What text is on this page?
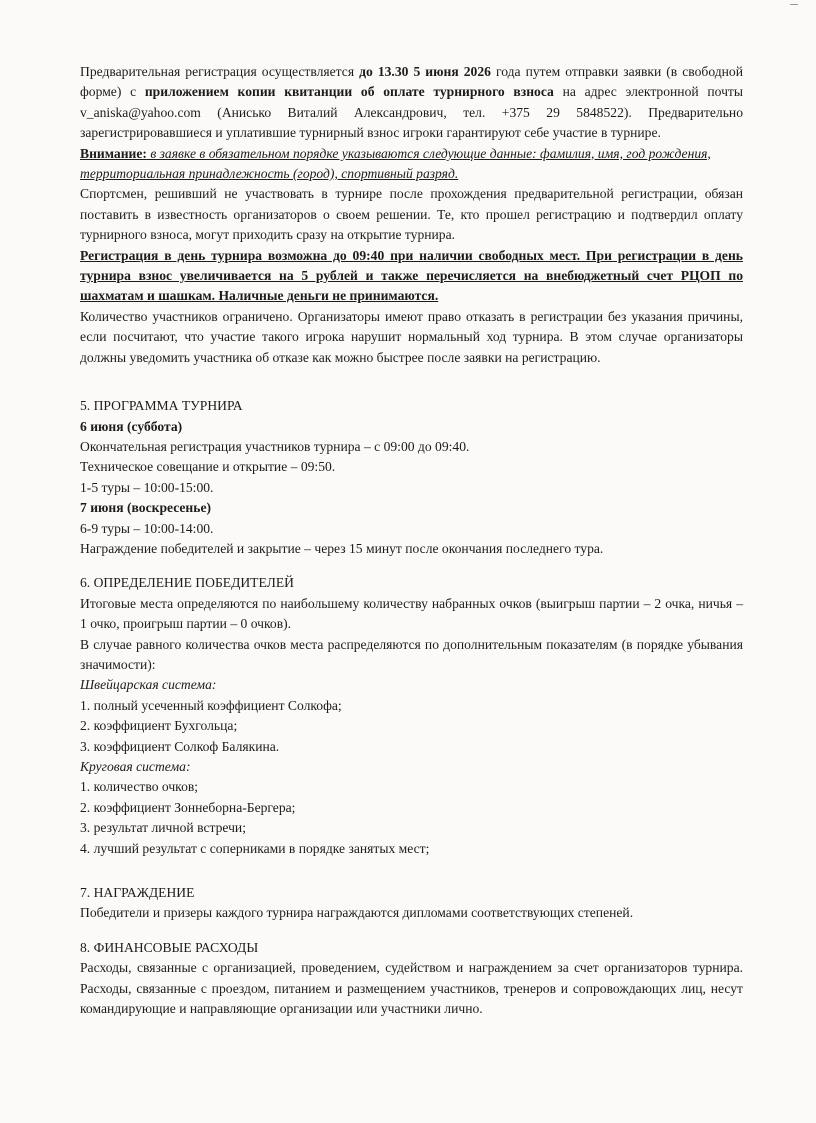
Предварительная регистрация осуществляется до 13.30 5 июня 2026 года путем отправки заявки (в свободной форме) с приложением копии квитанции об оплате турнирного взноса на адрес электронной почты v_aniska@yahoo.com (Анисько Виталий Александрович, тел. +375 29 5848522). Предварительно зарегистрировавшиеся и уплатившие турнирный взнос игроки гарантируют себе участие в турнире.

Внимание: в заявке в обязательном порядке указываются следующие данные: фамилия, имя, год рождения, территориальная принадлежность (город), спортивный разряд.

Спортсмен, решивший не участвовать в турнире после прохождения предварительной регистрации, обязан поставить в известность организаторов о своем решении. Те, кто прошел регистрацию и подтвердил оплату турнирного взноса, могут приходить сразу на открытие турнира.

Регистрация в день турнира возможна до 09:40 при наличии свободных мест. При регистрации в день турнира взнос увеличивается на 5 рублей и также перечисляется на внебюджетный счет РЦОП по шахматам и шашкам. Наличные деньги не принимаются.

Количество участников ограничено. Организаторы имеют право отказать в регистрации без указания причины, если посчитают, что участие такого игрока нарушит нормальный ход турнира. В этом случае организаторы должны уведомить участника об отказе как можно быстрее после заявки на регистрацию.

5. ПРОГРАММА ТУРНИРА

6 июня (суббота)

Окончательная регистрация участников турнира – с 09:00 до 09:40.

Техническое совещание и открытие – 09:50.

1-5 туры – 10:00-15:00.

7 июня (воскресенье)

6-9 туры – 10:00-14:00.

Награждение победителей и закрытие – через 15 минут после окончания последнего тура.

6. ОПРЕДЕЛЕНИЕ ПОБЕДИТЕЛЕЙ

Итоговые места определяются по наибольшему количеству набранных очков (выигрыш партии – 2 очка, ничья – 1 очко, проигрыш партии – 0 очков).

В случае равного количества очков места распределяются по дополнительным показателям (в порядке убывания значимости):

Швейцарская система:

1. полный усеченный коэффициент Солкофа;

2. коэффициент Бухгольца;

3. коэффициент Солкоф Балякина.

Круговая система:

1. количество очков;

2. коэффициент Зоннеборна-Бергера;

3. результат личной встречи;

4. лучший результат с соперниками в порядке занятых мест;

7. НАГРАЖДЕНИЕ

Победители и призеры каждого турнира награждаются дипломами соответствующих степеней.

8. ФИНАНСОВЫЕ РАСХОДЫ

Расходы, связанные с организацией, проведением, судейством и награждением за счет организаторов турнира. Расходы, связанные с проездом, питанием и размещением участников, тренеров и сопровождающих лиц, несут командирующие и направляющие организации или участники лично.
